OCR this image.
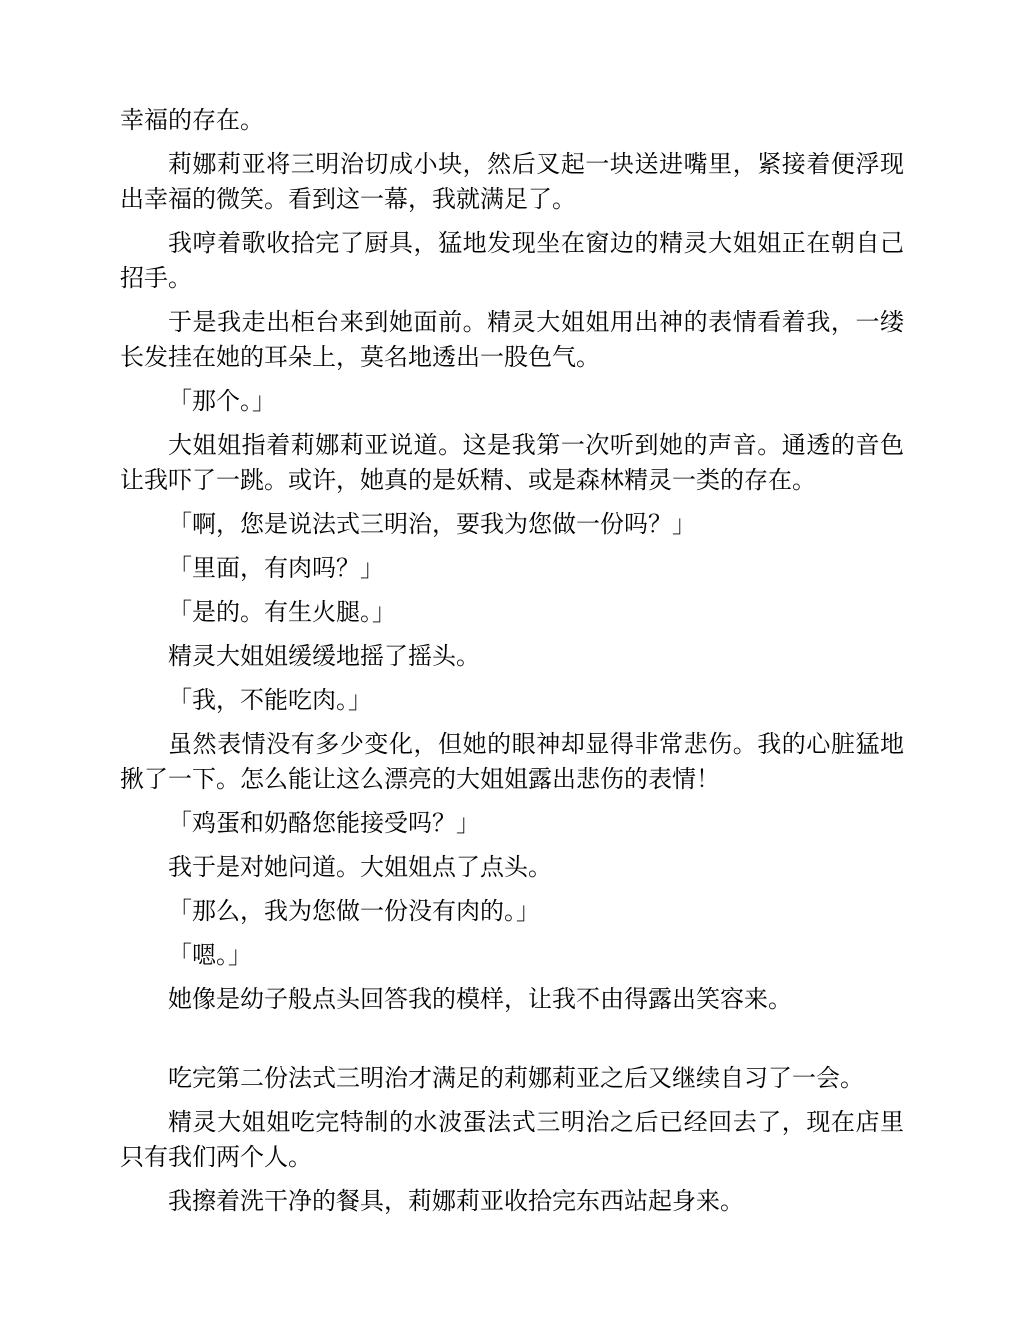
幸福的存在。

莉娜莉亚将三明治切成小块，然后叉起一块送进嘴里，紧接着便浮现出幸福的微笑。看到这一幕，我就满足了。

我哼着歌收拾完了厨具，猛地发现坐在窗边的精灵大姐姐正在朝自己招手。

于是我走出柜台来到她面前。精灵大姐姐用出神的表情看着我，一缕长发挂在她的耳朵上，莫名地透出一股色气。

「那个。」

大姐姐指着莉娜莉亚说道。这是我第一次听到她的声音。通透的音色让我吓了一跳。或许，她真的是妖精、或是森林精灵一类的存在。

「啊，您是说法式三明治，要我为您做一份吗？」

「里面，有肉吗？」

「是的。有生火腿。」

精灵大姐姐缓缓地摇了摇头。

「我，不能吃肉。」

虽然表情没有多少变化，但她的眼神却显得非常悲伤。我的心脏猛地揪了一下。怎么能让这么漂亮的大姐姐露出悲伤的表情！

「鸡蛋和奶酪您能接受吗？」

我于是对她问道。大姐姐点了点头。

「那么，我为您做一份没有肉的。」

「嗯。」

她像是幼子般点头回答我的模样，让我不由得露出笑容来。

吃完第二份法式三明治才满足的莉娜莉亚之后又继续自习了一会。

精灵大姐姐吃完特制的水波蛋法式三明治之后已经回去了，现在店里只有我们两个人。

我擦着洗干净的餐具，莉娜莉亚收拾完东西站起身来。
